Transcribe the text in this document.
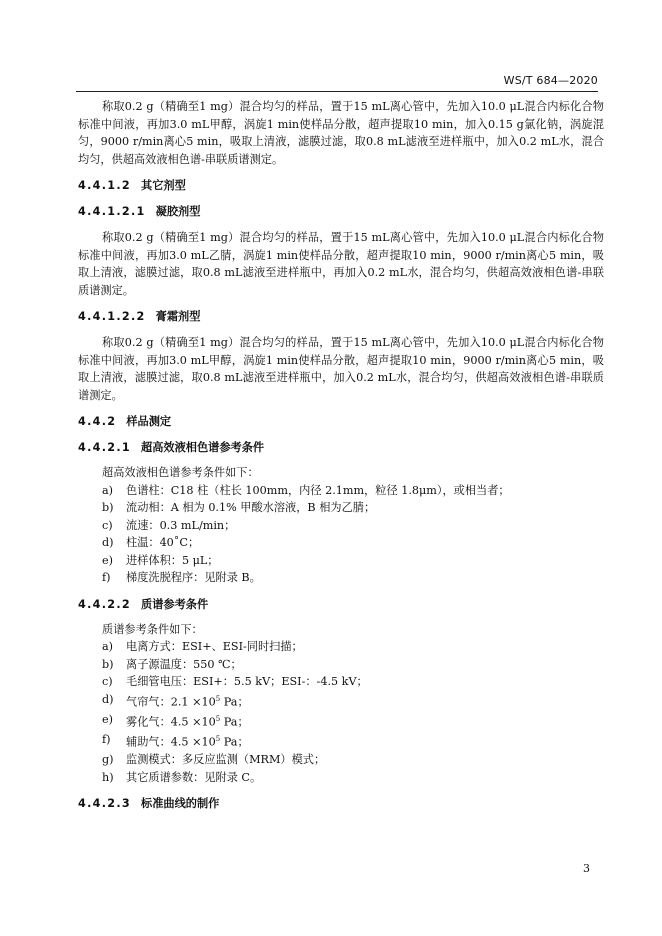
WS/T 684—2020

称取0.2 g（精确至1 mg）混合均匀的样品，置于15 mL离心管中，先加入10.0 μL混合内标化合物标准中间液，再加3.0 mL甲醇，涡旋1 min使样品分散，超声提取10 min，加入0.15 g氯化钠，涡旋混匀，9000 r/min离心5 min，吸取上清液，滤膜过滤，取0.8 mL滤液至进样瓶中，加入0.2 mL水，混合均匀，供超高效液相色谱-串联质谱测定。

4.4.1.2 其它剂型

4.4.1.2.1 凝胶剂型

称取0.2 g（精确至1 mg）混合均匀的样品，置于15 mL离心管中，先加入10.0 μL混合内标化合物标准中间液，再加3.0 mL乙腈，涡旋1 min使样品分散，超声提取10 min，9000 r/min离心5 min，吸取上清液，滤膜过滤，取0.8 mL滤液至进样瓶中，再加入0.2 mL水，混合均匀，供超高效液相色谱-串联质谱测定。

4.4.1.2.2 膏霜剂型

称取0.2 g（精确至1 mg）混合均匀的样品，置于15 mL离心管中，先加入10.0 μL混合内标化合物标准中间液，再加3.0 mL甲醇，涡旋1 min使样品分散，超声提取10 min，9000 r/min离心5 min，吸取上清液，滤膜过滤，取0.8 mL滤液至进样瓶中，加入0.2 mL水，混合均匀，供超高效液相色谱-串联质谱测定。

4.4.2 样品测定

4.4.2.1 超高效液相色谱参考条件

超高效液相色谱参考条件如下：

a) 色谱柱：C18 柱（柱长 100mm，内径 2.1mm，粒径 1.8μm），或相当者；
b) 流动相：A 相为 0.1% 甲酸水溶液，B 相为乙腈；
c) 流速：0.3 mL/min；
d) 柱温：40˚C；
e) 进样体积：5 μL；
f) 梯度洗脱程序：见附录 B。

4.4.2.2 质谱参考条件

质谱参考条件如下：

a) 电离方式：ESI+、ESI-同时扫描；
b) 离子源温度：550 ℃；
c) 毛细管电压：ESI+：5.5 kV；ESI-：-4.5 kV；
d) 气帘气：$2.1 \times 10^5$ Pa；
e) 雾化气：$4.5 \times 10^5$ Pa；
f) 辅助气：$4.5 \times 10^5$ Pa；
g) 监测模式：多反应监测（MRM）模式；
h) 其它质谱参数：见附录 C。

4.4.2.3 标准曲线的制作

3
